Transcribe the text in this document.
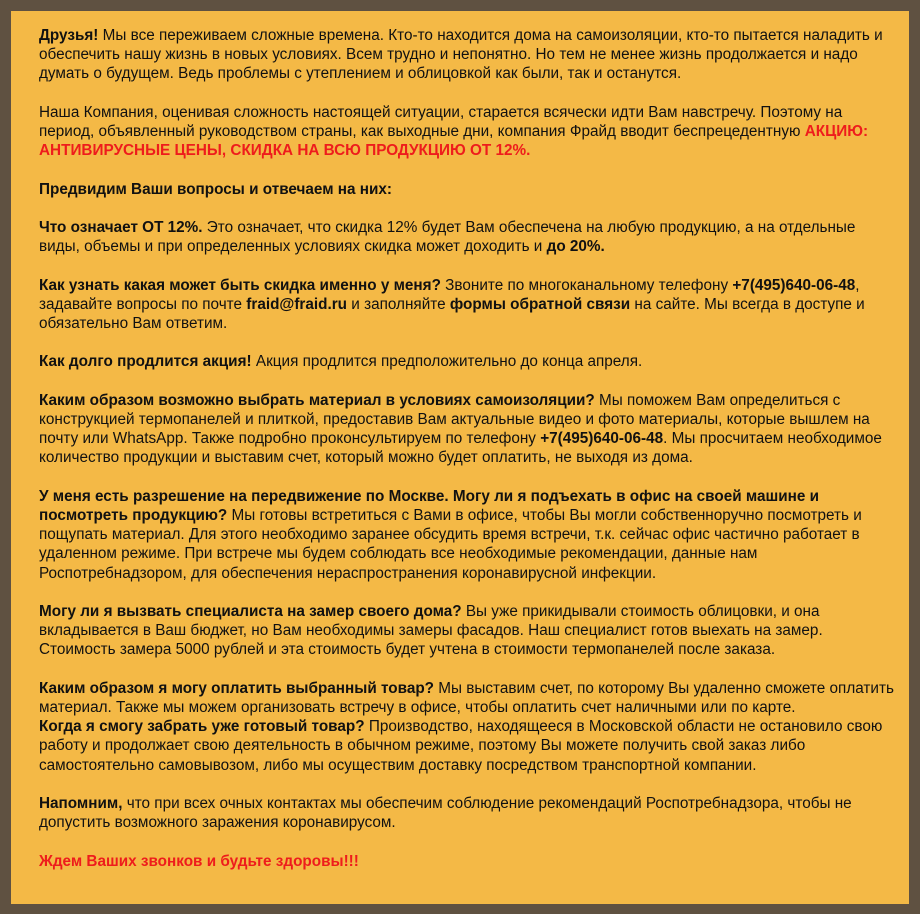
Друзья! Мы все переживаем сложные времена. Кто-то находится дома на самоизоляции, кто-то пытается наладить и обеспечить нашу жизнь в новых условиях. Всем трудно и непонятно. Но тем не менее жизнь продолжается и надо думать о будущем. Ведь проблемы с утеплением и облицовкой как были, так и останутся.

Наша Компания, оценивая сложность настоящей ситуации, старается всячески идти Вам навстречу. Поэтому на период, объявленный руководством страны, как выходные дни, компания Фрайд вводит беспрецедентную АКЦИЮ: АНТИВИРУСНЫЕ ЦЕНЫ, СКИДКА НА ВСЮ ПРОДУКЦИЮ ОТ 12%.

Предвидим Ваши вопросы и отвечаем на них:

Что означает ОТ 12%. Это означает, что скидка 12% будет Вам обеспечена на любую продукцию, а на отдельные виды, объемы и при определенных условиях скидка может доходить и до 20%.

Как узнать какая может быть скидка именно у меня? Звоните по многоканальному телефону +7(495)640-06-48, задавайте вопросы по почте fraid@fraid.ru и заполняйте формы обратной связи на сайте. Мы всегда в доступе и обязательно Вам ответим.

Как долго продлится акция! Акция продлится предположительно до конца апреля.

Каким образом возможно выбрать материал в условиях самоизоляции? Мы поможем Вам определиться с конструкцией термопанелей и плиткой, предоставив Вам актуальные видео и фото материалы, которые вышлем на почту или WhatsApp. Также подробно проконсультируем по телефону +7(495)640-06-48. Мы просчитаем необходимое количество продукции и выставим счет, который можно будет оплатить, не выходя из дома.

У меня есть разрешение на передвижение по Москве. Могу ли я подъехать в офис на своей машине и посмотреть продукцию? Мы готовы встретиться с Вами в офисе, чтобы Вы могли собственноручно посмотреть и пощупать материал. Для этого необходимо заранее обсудить время встречи, т.к. сейчас офис частично работает в удаленном режиме. При встрече мы будем соблюдать все необходимые рекомендации, данные нам Роспотребнадзором, для обеспечения нераспространения коронавирусной инфекции.

Могу ли я вызвать специалиста на замер своего дома? Вы уже прикидывали стоимость облицовки, и она вкладывается в Ваш бюджет, но Вам необходимы замеры фасадов. Наш специалист готов выехать на замер. Стоимость замера 5000 рублей и эта стоимость будет учтена в стоимости термопанелей после заказа.

Каким образом я могу оплатить выбранный товар? Мы выставим счет, по которому Вы удаленно сможете оплатить материал. Также мы можем организовать встречу в офисе, чтобы оплатить счет наличными или по карте.

Когда я смогу забрать уже готовый товар? Производство, находящееся в Московской области не остановило свою работу и продолжает свою деятельность в обычном режиме, поэтому Вы можете получить свой заказ либо самостоятельно самовывозом, либо мы осуществим доставку посредством транспортной компании.

Напомним, что при всех очных контактах мы обеспечим соблюдение рекомендаций Роспотребнадзора, чтобы не допустить возможного заражения коронавирусом.

Ждем Ваших звонков и будьте здоровы!!!
